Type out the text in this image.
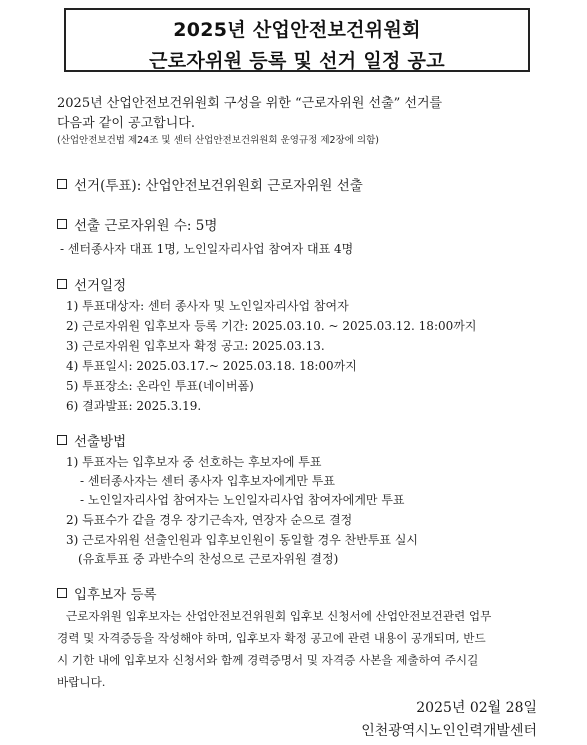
2025년 산업안전보건위원회
근로자위원 등록 및 선거 일정 공고
2025년 산업안전보건위원회 구성을 위한 “근로자위원 선출” 선거를
다음과 같이 공고합니다.
(산업안전보건법 제24조 및 센터 산업안전보건위원회 운영규정 제2장에 의함)
선거(투표): 산업안전보건위원회 근로자위원 선출
선출 근로자위원 수: 5명
- 센터종사자 대표 1명, 노인일자리사업 참여자 대표 4명
선거일정
1) 투표대상자: 센터 종사자 및 노인일자리사업 참여자
2) 근로자위원 입후보자 등록 기간: 2025.03.10. ~ 2025.03.12. 18:00까지
3) 근로자위원 입후보자 확정 공고: 2025.03.13.
4) 투표일시: 2025.03.17.~ 2025.03.18. 18:00까지
5) 투표장소: 온라인 투표(네이버폼)
6) 결과발표: 2025.3.19.
선출방법
1) 투표자는 입후보자 중 선호하는 후보자에 투표
- 센터종사자는 센터 종사자 입후보자에게만 투표
- 노인일자리사업 참여자는 노인일자리사업 참여자에게만 투표
2) 득표수가 같을 경우 장기근속자, 연장자 순으로 결정
3) 근로자위원 선출인원과 입후보인원이 동일할 경우 찬반투표 실시
(유효투표 중 과반수의 찬성으로 근로자위원 결정)
입후보자 등록
근로자위원 입후보자는 산업안전보건위원회 입후보 신청서에 산업안전보건관련 업무
경력 및 자격증등을 작성해야 하며, 입후보자 확정 공고에 관련 내용이 공개되며, 반드
시 기한 내에 입후보자 신청서와 함께 경력증명서 및 자격증 사본을 제출하여 주시길
바랍니다.
2025년 02월 28일
인천광역시노인인력개발센터
